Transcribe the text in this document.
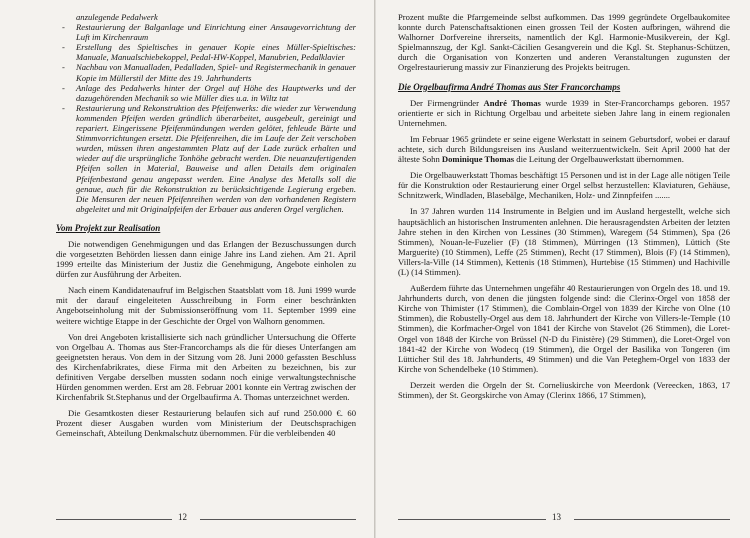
anzulegende Pedalwerk
- Restaurierung der Balganlage und Einrichtung einer Ansaugevorrichtung der Luft im Kirchenraum
- Erstellung des Spieltisches in genauer Kopie eines Müller-Spieltisches: Manuale, Manualschiebekoppel, Pedal-HW-Koppel, Manubrien, Pedalklavier
- Nachbau von Manualladen, Pedalladen, Spiel- und Registermechanik in genauer Kopie im Müllerstil der Mitte des 19. Jahrhunderts
- Anlage des Pedalwerks hinter der Orgel auf Höhe des Hauptwerks und der dazugehörenden Mechanik so wie Müller dies u.a. in Wiltz tat
- Restaurierung und Rekonstruktion des Pfeifenwerks: die wieder zur Verwendung kommenden Pfeifen werden gründlich überarbeitet, ausgebeult, gereinigt und repariert. Eingerissene Pfeifenmündungen werden gelötet, fehleude Bärte und Stimmvorrichtungen ersetzt. Die Pfeifenreihen, die im Laufe der Zeit verschoben wurden, müssen ihren angestammten Platz auf der Lade zurück erhalten und wieder auf die ursprüngliche Tonhöhe gebracht werden. Die neuanzufertigenden Pfeifen sollen in Material, Bauweise und allen Details dem originalen Pfeifenbestand genau angepasst werden. Eine Analyse des Metalls soll die genaue, auch für die Rekonstruktion zu berücksichtigende Legierung ergeben. Die Mensuren der neuen Pfeifenreihen werden von den vorhandenen Registern abgeleitet und mit Originalpfeifen der Erbauer aus anderen Orgel verglichen.
Vom Projekt zur Realisation

Die notwendigen Genehmigungen und das Erlangen der Bezuschussungen durch die vorgesetzten Behörden liessen dann einige Jahre ins Land ziehen. Am 21. April 1999 erteilte das Ministerium der Justiz die Genehmigung, Angebote einholen zu dürfen zur Ausführung der Arbeiten.

Nach einem Kandidatenaufruf im Belgischen Staatsblatt vom 18. Juni 1999 wurde mit der darauf eingeleiteten Ausschreibung in Form einer beschränkten Angebotseinholung mit der Submissionseröffnung vom 11. September 1999 eine weitere wichtige Etappe in der Geschichte der Orgel von Walhorn genommen.

Von drei Angeboten kristallisierte sich nach gründlicher Untersuchung die Offerte von Orgelbau A. Thomas aus Ster-Francorchamps als die für dieses Unterfangen am geeignetsten heraus. Von dem in der Sitzung vom 28. Juni 2000 gefassten Beschluss des Kirchenfabrikrates, diese Firma mit den Arbeiten zu bezeichnen, bis zur definitiven Vergabe derselben mussten sodann noch einige verwaltungstechnische Hürden genommen werden. Erst am 28. Februar 2001 konnte ein Vertrag zwischen der Kirchenfabrik St.Stephanus und der Orgelbaufirma A. Thomas unterzeichnet werden.

Die Gesamtkosten dieser Restaurierung belaufen sich auf rund 250.000 €. 60 Prozent dieser Ausgaben wurden vom Ministerium der Deutschsprachigen Gemeinschaft, Abteilung Denkmalschutz übernommen. Für die verbleibenden 40

12

Prozent mußte die Pfarrgemeinde selbst aufkommen. Das 1999 gegründete Orgelbaukomitee konnte durch Patenschaftsaktionen einen grossen Teil der Kosten aufbringen, während die Walhorner Dorfvereine ihrerseits, namentlich der Kgl. Harmonie-Musikverein, der Kgl. Spielmannszug, der Kgl. Sankt-Cäcilien Gesangverein und die Kgl. St. Stephanus-Schützen, durch die Organisation von Konzerten und anderen Veranstaltungen zugunsten der Orgelrestaurierung massiv zur Finanzierung des Projekts beitrugen.

Die Orgelbaufirma André Thomas aus Ster Francorchamps

Der Firmengründer André Thomas wurde 1939 in Ster-Francorchamps geboren. 1957 orientierte er sich in Richtung Orgelbau und arbeitete sieben Jahre lang in einem regionalen Unternehmen.

Im Februar 1965 gründete er seine eigene Werkstatt in seinem Geburtsdorf, wobei er darauf achtete, sich durch Bildungsreisen ins Ausland weiterzuentwickeln. Seit April 2000 hat der älteste Sohn Dominique Thomas die Leitung der Orgelbauwerkstatt übernommen.

Die Orgelbauwerkstatt Thomas beschäftigt 15 Personen und ist in der Lage alle nötigen Teile für die Konstruktion oder Restaurierung einer Orgel selbst herzustellen: Klaviaturen, Gehäuse, Schnitzwerk, Windladen, Blasebälge, Mechaniken, Holz- und Zinnpfeifen .......

In 37 Jahren wurden 114 Instrumente in Belgien und im Ausland hergestellt, welche sich hauptsächlich an historischen Instrumenten anlehnen. Die herausragendsten Arbeiten der letzten Jahre stehen in den Kirchen von Lessines (30 Stimmen), Waregem (54 Stimmen), Spa (26 Stimmen), Nouan-le-Fuzelier (F) (18 Stimmen), Mürringen (13 Stimmen), Lüttich (Ste Marguerite) (10 Stimmen), Leffe (25 Stimmen), Recht (17 Stimmen), Blois (F) (14 Stimmen), Villers-la-Ville (14 Stimmen), Kettenis (18 Stimmen), Hurtebise (15 Stimmen) und Hachiville (L) (14 Stimmen).

Außerdem führte das Unternehmen ungefähr 40 Restaurierungen von Orgeln des 18. und 19. Jahrhunderts durch, von denen die jüngsten folgende sind: die Clerinx-Orgel von 1858 der Kirche von Thimister (17 Stimmen), die Comblain-Orgel von 1839 der Kirche von Olne (10 Stimmen), die Robustelly-Orgel aus dem 18. Jahrhundert der Kirche von Villers-le-Temple (10 Stimmen), die Korfmacher-Orgel von 1841 der Kirche von Stavelot (26 Stimmen), die Loret-Orgel von 1848 der Kirche von Brüssel (N-D du Finistère) (29 Stimmen), die Loret-Orgel von 1841-42 der Kirche von Wodecq (19 Stimmen), die Orgel der Basilika von Tongeren (im Lütticher Stil des 18. Jahrhunderts, 49 Stimmen) und die Van Peteghem-Orgel von 1833 der Kirche von Schendelbeke (10 Stimmen).

Derzeit werden die Orgeln der St. Corneliuskirche von Meerdonk (Vereecken, 1863, 17 Stimmen), der St. Georgskirche von Amay (Clerinx 1866, 17 Stimmen),

13
